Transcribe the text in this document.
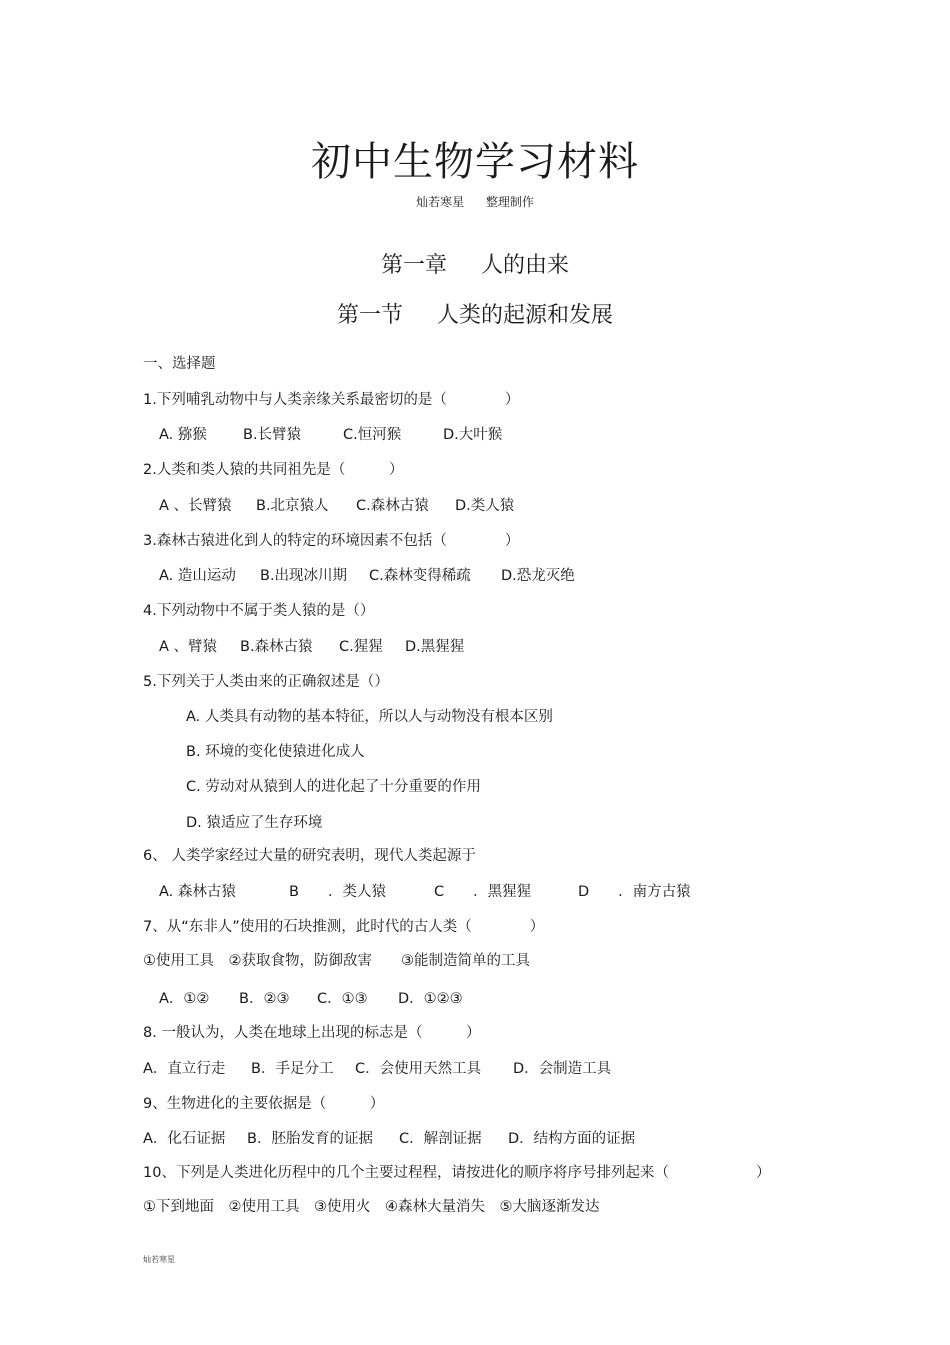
初中生物学习材料
灿若寒星 整理制作
第一章 人的由来
第一节 人类的起源和发展
一、选择题
1.下列哺乳动物中与人类亲缘关系最密切的是（　　　　）
A. 猕猴 B.长臂猿	C.恒河猴	D.大叶猴
2.人类和类人猿的共同祖先是（　　　）
A 、长臂猿 B.北京猿人 C.森林古猿 D.类人猿
3.森林古猿进化到人的特定的环境因素不包括（　　　　）
A. 造山运动 B.出现冰川期 C.森林变得稀疏 D.恐龙灭绝
4.下列动物中不属于类人猿的是（）
A 、臂猿 B.森林古猿 C.猩猩 D.黑猩猩
5.下列关于人类由来的正确叙述是（）
A. 人类具有动物的基本特征，所以人与动物没有根本区别
B. 环境的变化使猿进化成人
C. 劳动对从猿到人的进化起了十分重要的作用
D. 猿适应了生存环境
6、 人类学家经过大量的研究表明，现代人类起源于
A. 森林古猿	B　　．类人猿	C　　．黑猩猩	D　　．南方古猿
7、从“东非人”使用的石块推测，此时代的古人类（　　　　）
①使用工具　②获取食物，防御敌害　　③能制造简单的工具
A．①② B．②③ C．①③ D．①②③
8. 一般认为，人类在地球上出现的标志是（　　　）
A．直立行走 B．手足分工 C．会使用天然工具 D．会制造工具
9、生物进化的主要依据是（　　　）
A．化石证据 B．胚胎发育的证据 C．解剖证据 D．结构方面的证据
10、下列是人类进化历程中的几个主要过程程，请按进化的顺序将序号排列起来（　　　　　　）
①下到地面　②使用工具　③使用火　④森林大量消失　⑤大脑逐渐发达
灿若寒星
